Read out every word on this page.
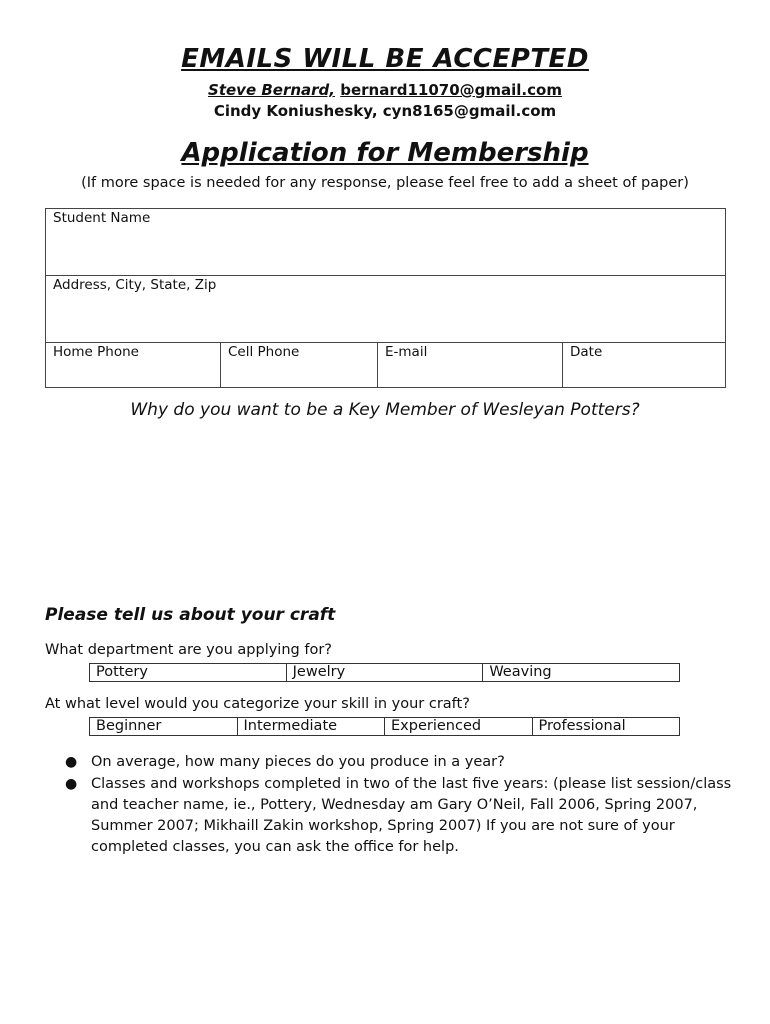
EMAILS WILL BE ACCEPTED
Steve Bernard, bernard11070@gmail.com
Cindy Koniushesky, cyn8165@gmail.com
Application for Membership
(If more space is needed for any response, please feel free to add a sheet of paper)
Student Name
Address, City, State, Zip
Home Phone	Cell Phone	E-mail	Date
Why do you want to be a Key Member of Wesleyan Potters?
Please tell us about your craft
What department are you applying for?
Pottery	Jewelry	Weaving
At what level would you categorize your skill in your craft?
Beginner	Intermediate	Experienced	Professional
● On average, how many pieces do you produce in a year?
● Classes and workshops completed in two of the last five years: (please list session/class and teacher name, ie., Pottery, Wednesday am Gary O’Neil, Fall 2006, Spring 2007, Summer 2007; Mikhaill Zakin workshop, Spring 2007) If you are not sure of your completed classes, you can ask the office for help.
